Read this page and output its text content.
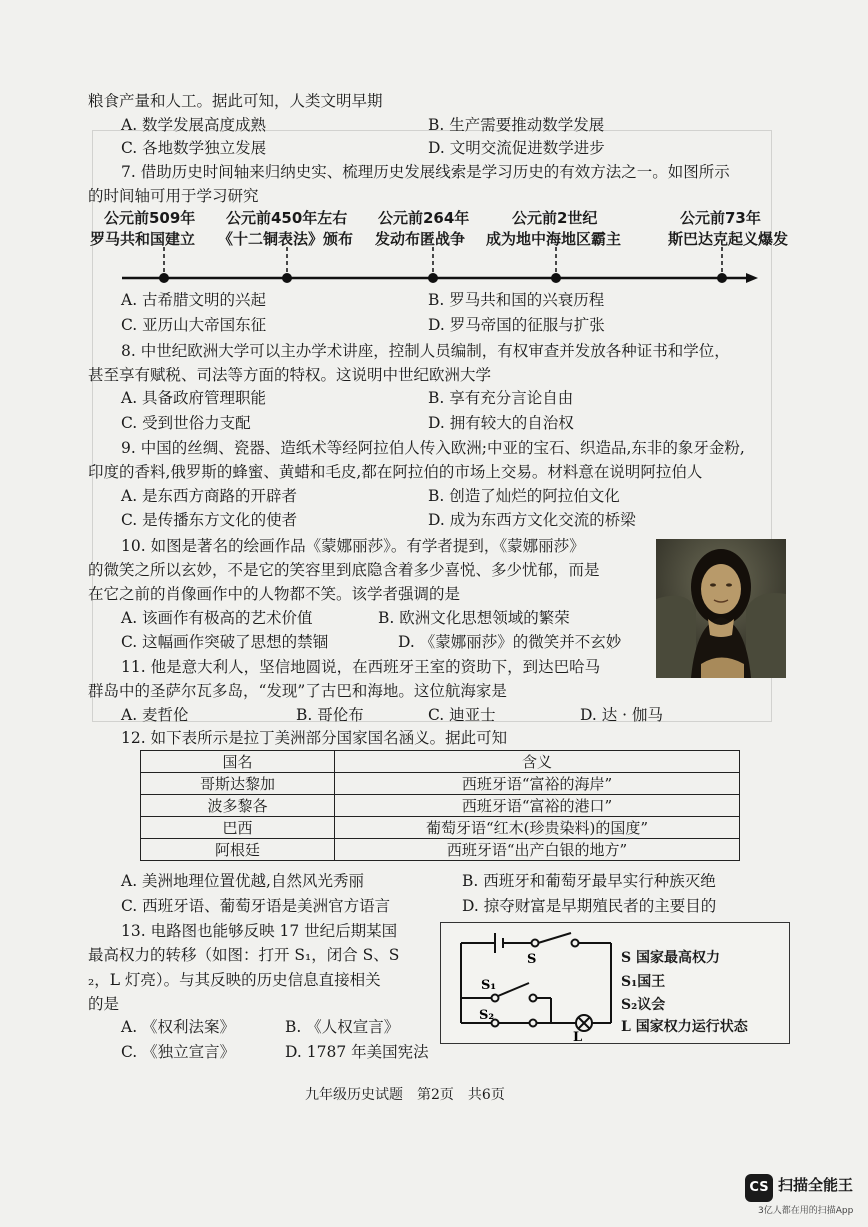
粮食产量和人工。据此可知，人类文明早期
A. 数学发展高度成熟	B. 生产需要推动数学发展
C. 各地数学独立发展	D. 文明交流促进数学进步
7. 借助历史时间轴来归纳史实、梳理历史发展线索是学习历史的有效方法之一。如图所示
的时间轴可用于学习研究
公元前509年
罗马共和国建立
公元前450年左右
《十二铜表法》颁布
公元前264年
发动布匿战争
公元前2世纪
成为地中海地区霸主
公元前73年
斯巴达克起义爆发
A. 古希腊文明的兴起	B. 罗马共和国的兴衰历程
C. 亚历山大帝国东征	D. 罗马帝国的征服与扩张
8. 中世纪欧洲大学可以主办学术讲座，控制人员编制，有权审查并发放各种证书和学位，
甚至享有赋税、司法等方面的特权。这说明中世纪欧洲大学
A. 具备政府管理职能	B. 享有充分言论自由
C. 受到世俗力支配	D. 拥有较大的自治权
9. 中国的丝绸、瓷器、造纸术等经阿拉伯人传入欧洲;中亚的宝石、织造品,东非的象牙金粉,
印度的香料,俄罗斯的蜂蜜、黄蜡和毛皮,都在阿拉伯的市场上交易。材料意在说明阿拉伯人
A. 是东西方商路的开辟者	B. 创造了灿烂的阿拉伯文化
C. 是传播东方文化的使者	D. 成为东西方文化交流的桥梁
10. 如图是著名的绘画作品《蒙娜丽莎》。有学者提到，《蒙娜丽莎》
的微笑之所以玄妙，不是它的笑容里到底隐含着多少喜悦、多少忧郁，而是
在它之前的肖像画作中的人物都不笑。该学者强调的是
A. 该画作有极高的艺术价值	B. 欧洲文化思想领域的繁荣
C. 这幅画作突破了思想的禁锢	D. 《蒙娜丽莎》的微笑并不玄妙
11. 他是意大利人，坚信地圆说，在西班牙王室的资助下，到达巴哈马
群岛中的圣萨尔瓦多岛，“发现”了古巴和海地。这位航海家是
A. 麦哲伦	B. 哥伦布	C. 迪亚士	D. 达 · 伽马
12. 如下表所示是拉丁美洲部分国家国名涵义。据此可知
国名	含义
哥斯达黎加	西班牙语“富裕的海岸”
波多黎各	西班牙语“富裕的港口”
巴西	葡萄牙语“红木(珍贵染料)的国度”
阿根廷	西班牙语“出产白银的地方”
A. 美洲地理位置优越,自然风光秀丽	B. 西班牙和葡萄牙最早实行种族灭绝
C. 西班牙语、葡萄牙语是美洲官方语言	D. 掠夺财富是早期殖民者的主要目的
13. 电路图也能够反映 17 世纪后期某国
最高权力的转移（如图：打开 S₁，闭合 S、S
₂，L 灯亮）。与其反映的历史信息直接相关
的是
A. 《权利法案》	B. 《人权宣言》
C. 《独立宣言》	D. 1787 年美国宪法
S
S₁
S₂
L
S 国家最高权力
S₁国王
S₂议会
L 国家权力运行状态
九年级历史试题　第2页　共6页
CS 扫描全能王
3亿人都在用的扫描App
